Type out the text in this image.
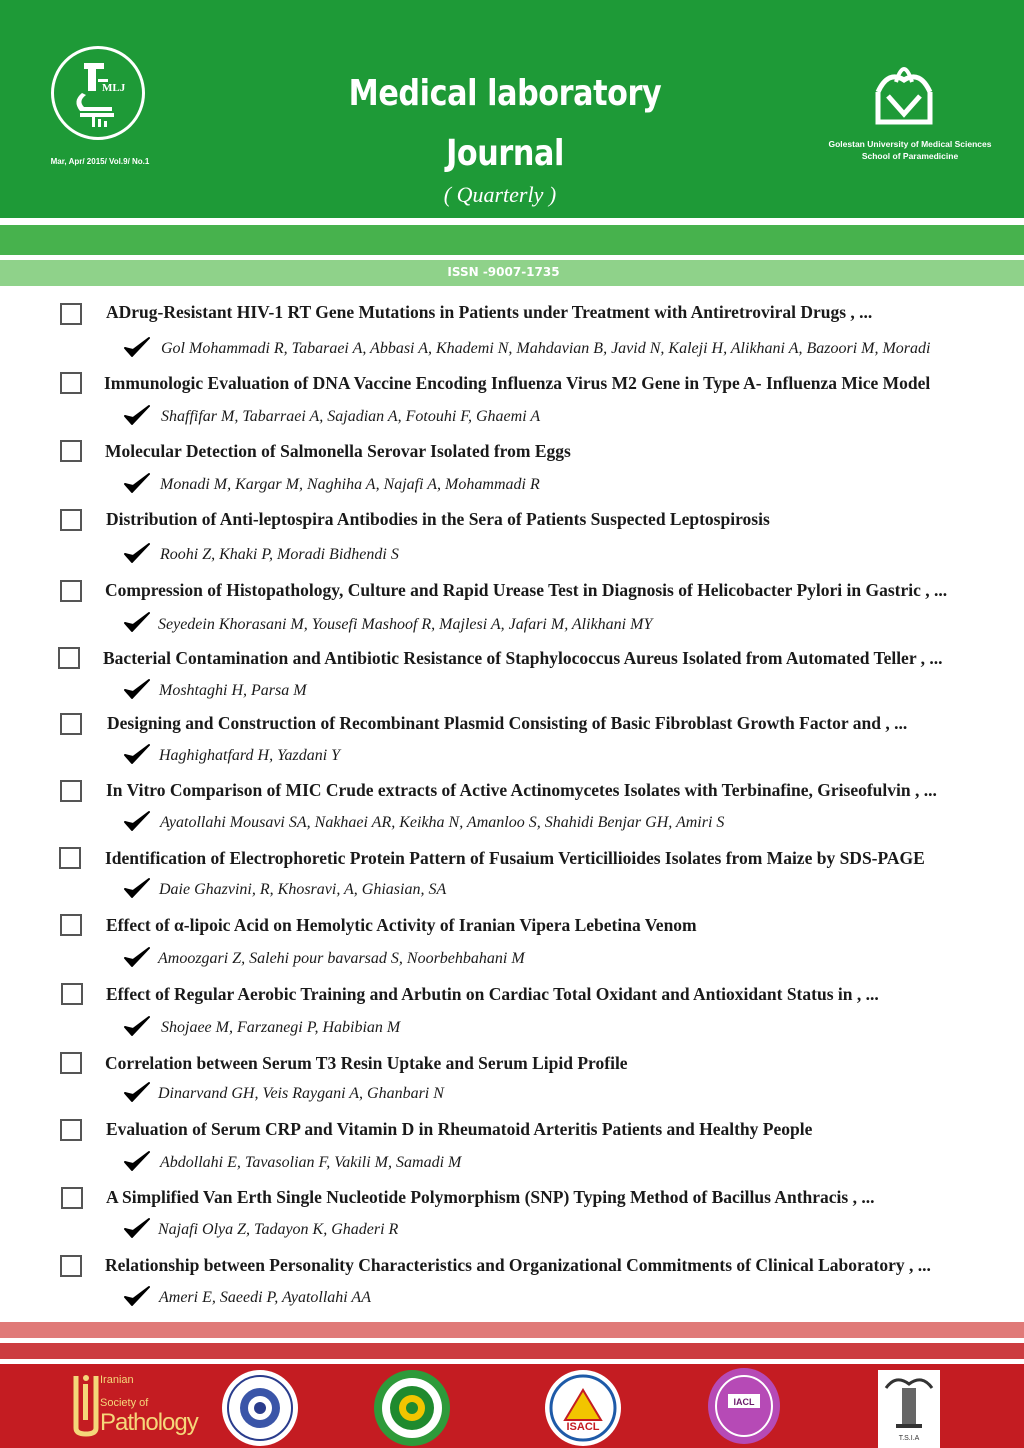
MLJ
Mar, Apr/ 2015/ Vol.9/ No.1
Medical laboratory
Journal
( Quarterly )
Golestan University of Medical Sciences
School of Paramedicine
ISSN -9007-1735
ADrug-Resistant HIV-1 RT Gene Mutations in Patients under Treatment with Antiretroviral Drugs , ...
Gol Mohammadi R, Tabaraei A, Abbasi A, Khademi N, Mahdavian B, Javid N, Kaleji H, Alikhani A, Bazoori M, Moradi
Immunologic Evaluation of DNA Vaccine Encoding Influenza Virus M2 Gene in Type A- Influenza Mice Model
Shaffifar M, Tabarraei A, Sajadian A, Fotouhi F, Ghaemi A
Molecular Detection of Salmonella Serovar Isolated from Eggs
Monadi M, Kargar M, Naghiha A, Najafi A, Mohammadi R
Distribution of Anti-leptospira Antibodies in the Sera of Patients Suspected Leptospirosis
Roohi Z, Khaki P, Moradi Bidhendi S
Compression of Histopathology, Culture and Rapid Urease Test in Diagnosis of Helicobacter Pylori in Gastric , ...
Seyedein Khorasani M, Yousefi Mashoof R, Majlesi A, Jafari M, Alikhani MY
Bacterial Contamination and Antibiotic Resistance of Staphylococcus Aureus Isolated from Automated Teller , ...
Moshtaghi H, Parsa M
Designing and Construction of Recombinant Plasmid Consisting of Basic Fibroblast Growth Factor and , ...
Haghighatfard H, Yazdani Y
In Vitro Comparison of MIC Crude extracts of Active Actinomycetes Isolates with Terbinafine, Griseofulvin , ...
Ayatollahi Mousavi SA, Nakhaei AR, Keikha N, Amanloo S, Shahidi Benjar GH, Amiri S
Identification of Electrophoretic Protein Pattern of Fusaium Verticillioides Isolates from Maize by SDS-PAGE
Daie Ghazvini, R, Khosravi, A, Ghiasian, SA
Effect of α-lipoic Acid on Hemolytic Activity of Iranian Vipera Lebetina Venom
Amoozgari Z, Salehi pour bavarsad S, Noorbehbahani M
Effect of Regular Aerobic Training and Arbutin on Cardiac Total Oxidant and Antioxidant Status in , ...
Shojaee M, Farzanegi P, Habibian M
Correlation between Serum T3 Resin Uptake and Serum Lipid Profile
Dinarvand GH, Veis Raygani A, Ghanbari N
Evaluation of Serum CRP and Vitamin D in Rheumatoid Arteritis Patients and Healthy People
Abdollahi E, Tavasolian F, Vakili M, Samadi M
A Simplified Van Erth Single Nucleotide Polymorphism (SNP) Typing Method of Bacillus Anthracis , ...
Najafi Olya Z, Tadayon K, Ghaderi R
Relationship between Personality Characteristics and Organizational Commitments of Clinical Laboratory , ...
Ameri E, Saeedi P, Ayatollahi AA
Iranian
Society of
Pathology	ISACL
IACL
T.S.I.A
